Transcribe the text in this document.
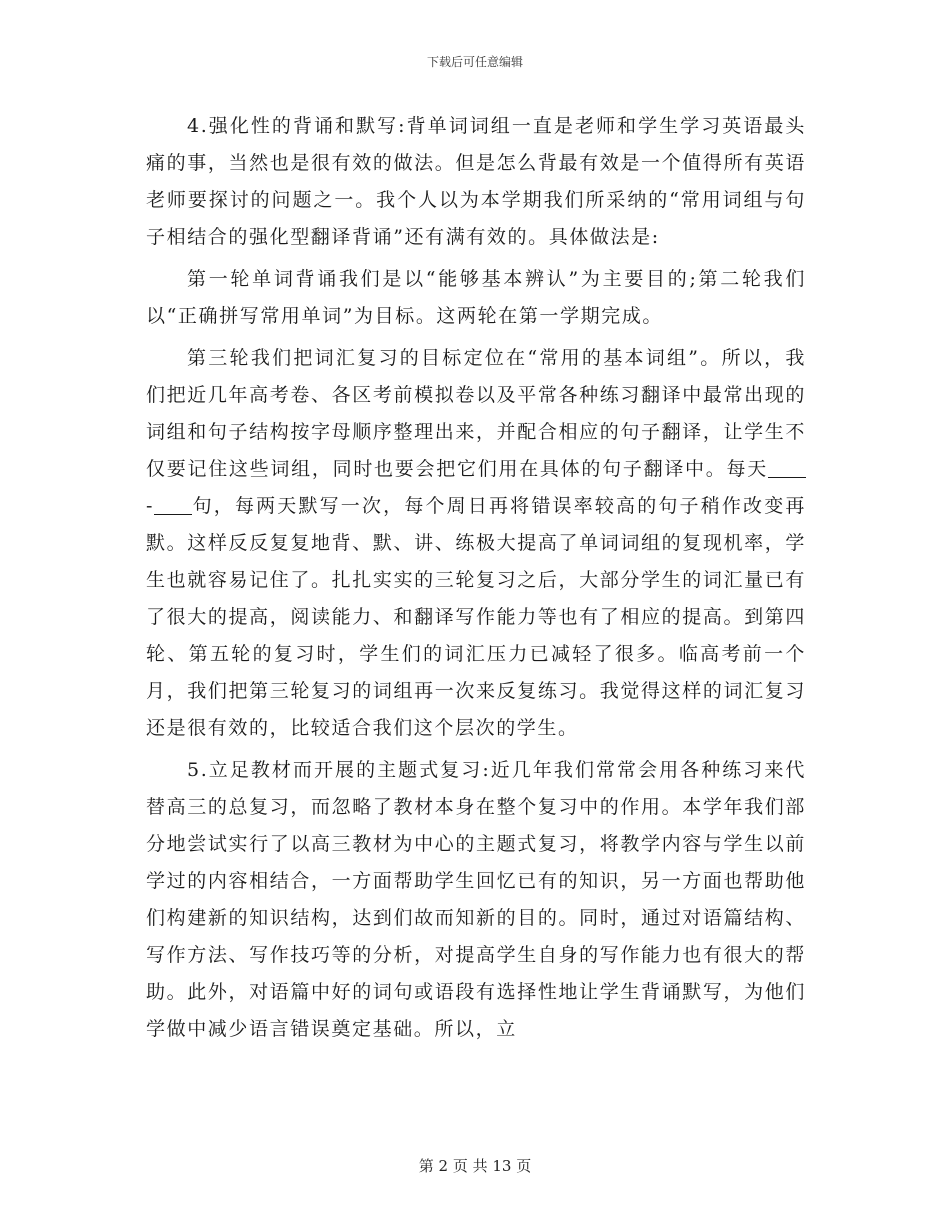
下载后可任意编辑

4.强化性的背诵和默写:背单词词组一直是老师和学生学习英语最头痛的事，当然也是很有效的做法。但是怎么背最有效是一个值得所有英语老师要探讨的问题之一。我个人以为本学期我们所采纳的“常用词组与句子相结合的强化型翻译背诵”还有满有效的。具体做法是:

第一轮单词背诵我们是以“能够基本辨认”为主要目的;第二轮我们以“正确拼写常用单词”为目标。这两轮在第一学期完成。

第三轮我们把词汇复习的目标定位在“常用的基本词组”。所以，我们把近几年高考卷、各区考前模拟卷以及平常各种练习翻译中最常出现的词组和句子结构按字母顺序整理出来，并配合相应的句子翻译，让学生不仅要记住这些词组，同时也要会把它们用在具体的句子翻译中。每天- 句，每两天默写一次，每个周日再将错误率较高的句子稍作改变再默。这样反反复复地背、默、讲、练极大提高了单词词组的复现机率，学生也就容易记住了。扎扎实实的三轮复习之后，大部分学生的词汇量已有了很大的提高，阅读能力、和翻译写作能力等也有了相应的提高。到第四轮、第五轮的复习时，学生们的词汇压力已减轻了很多。临高考前一个月，我们把第三轮复习的词组再一次来反复练习。我觉得这样的词汇复习还是很有效的，比较适合我们这个层次的学生。

5.立足教材而开展的主题式复习:近几年我们常常会用各种练习来代替高三的总复习，而忽略了教材本身在整个复习中的作用。本学年我们部分地尝试实行了以高三教材为中心的主题式复习，将教学内容与学生以前学过的内容相结合，一方面帮助学生回忆已有的知识，另一方面也帮助他们构建新的知识结构，达到们故而知新的目的。同时，通过对语篇结构、写作方法、写作技巧等的分析，对提高学生自身的写作能力也有很大的帮助。此外，对语篇中好的词句或语段有选择性地让学生背诵默写，为他们学做中减少语言错误奠定基础。所以，立

第 2 页 共 13 页
